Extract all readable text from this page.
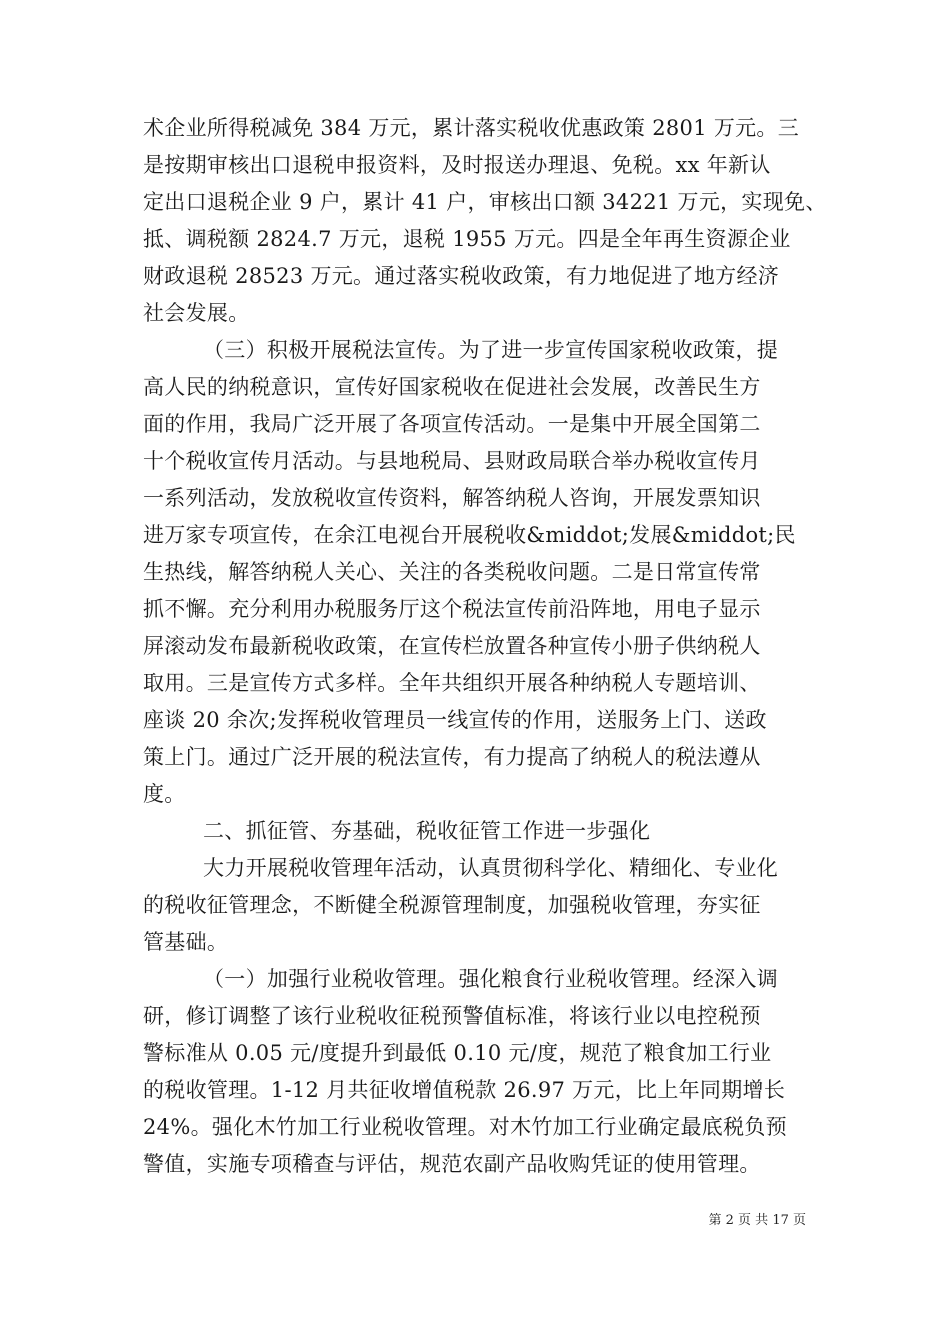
术企业所得税减免 384 万元，累计落实税收优惠政策 2801 万元。三
是按期审核出口退税申报资料，及时报送办理退、免税。xx 年新认
定出口退税企业 9 户，累计 41 户，审核出口额 34221 万元，实现免、
抵、调税额 2824.7 万元，退税 1955 万元。四是全年再生资源企业
财政退税 28523 万元。通过落实税收政策，有力地促进了地方经济
社会发展。
（三）积极开展税法宣传。为了进一步宣传国家税收政策，提
高人民的纳税意识，宣传好国家税收在促进社会发展，改善民生方
面的作用，我局广泛开展了各项宣传活动。一是集中开展全国第二
十个税收宣传月活动。与县地税局、县财政局联合举办税收宣传月
一系列活动，发放税收宣传资料，解答纳税人咨询，开展发票知识
进万家专项宣传，在余江电视台开展税收&middot;发展&middot;民
生热线，解答纳税人关心、关注的各类税收问题。二是日常宣传常
抓不懈。充分利用办税服务厅这个税法宣传前沿阵地，用电子显示
屏滚动发布最新税收政策，在宣传栏放置各种宣传小册子供纳税人
取用。三是宣传方式多样。全年共组织开展各种纳税人专题培训、
座谈 20 余次;发挥税收管理员一线宣传的作用，送服务上门、送政
策上门。通过广泛开展的税法宣传，有力提高了纳税人的税法遵从
度。
二、抓征管、夯基础，税收征管工作进一步强化
大力开展税收管理年活动，认真贯彻科学化、精细化、专业化
的税收征管理念，不断健全税源管理制度，加强税收管理，夯实征
管基础。
（一）加强行业税收管理。强化粮食行业税收管理。经深入调
研，修订调整了该行业税收征税预警值标准，将该行业以电控税预
警标准从 0.05 元/度提升到最低 0.10 元/度，规范了粮食加工行业
的税收管理。1-12 月共征收增值税款 26.97 万元，比上年同期增长
24%。强化木竹加工行业税收管理。对木竹加工行业确定最底税负预
警值，实施专项稽查与评估，规范农副产品收购凭证的使用管理。
第 2 页 共 17 页
